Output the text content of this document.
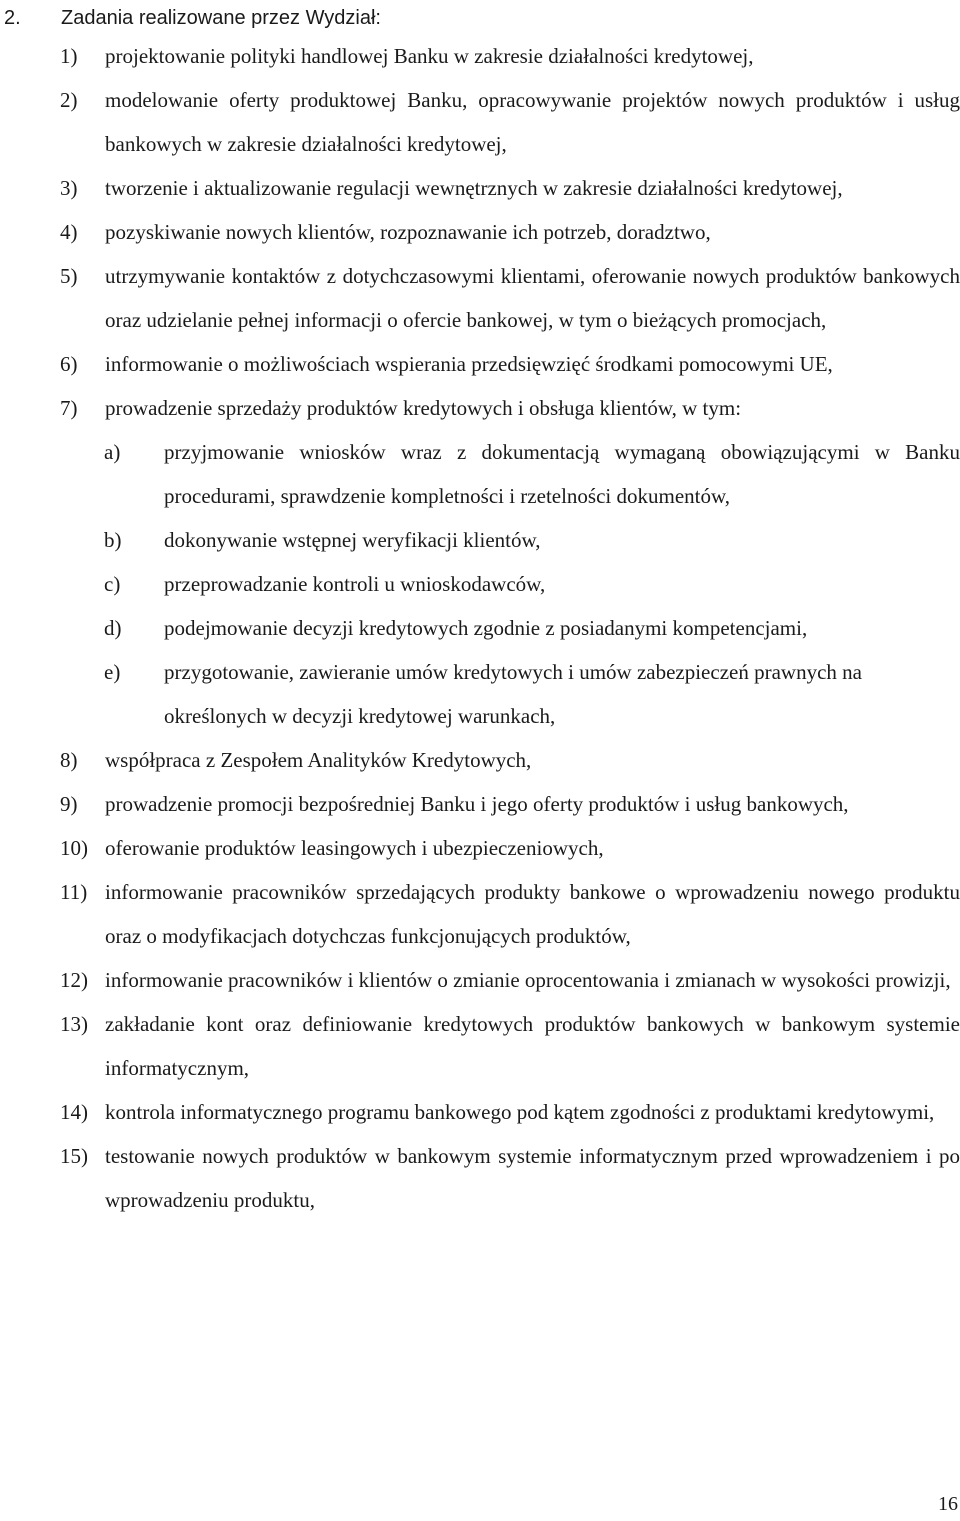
2. Zadania realizowane przez Wydział:
1) projektowanie polityki handlowej Banku w zakresie działalności kredytowej,
2) modelowanie oferty produktowej Banku, opracowywanie projektów nowych produktów i usług bankowych w zakresie działalności kredytowej,
3) tworzenie i aktualizowanie regulacji wewnętrznych w zakresie działalności kredytowej,
4) pozyskiwanie nowych klientów, rozpoznawanie ich potrzeb, doradztwo,
5) utrzymywanie kontaktów z dotychczasowymi klientami, oferowanie nowych produktów bankowych oraz udzielanie pełnej informacji o ofercie bankowej, w tym o bieżących promocjach,
6) informowanie o możliwościach wspierania przedsięwzięć środkami pomocowymi UE,
7) prowadzenie sprzedaży produktów kredytowych i obsługa klientów, w tym:
a) przyjmowanie wniosków wraz z dokumentacją wymaganą obowiązującymi w Banku procedurami, sprawdzenie kompletności i rzetelności dokumentów,
b) dokonywanie wstępnej weryfikacji klientów,
c) przeprowadzanie kontroli u wnioskodawców,
d) podejmowanie decyzji kredytowych zgodnie z posiadanymi kompetencjami,
e) przygotowanie, zawieranie umów kredytowych i umów zabezpieczeń prawnych na określonych w decyzji kredytowej warunkach,
8) współpraca z Zespołem Analityków Kredytowych,
9) prowadzenie promocji bezpośredniej Banku i jego oferty produktów i usług bankowych,
10) oferowanie produktów leasingowych i ubezpieczeniowych,
11) informowanie pracowników sprzedających produkty bankowe o wprowadzeniu nowego produktu oraz o modyfikacjach dotychczas funkcjonujących produktów,
12) informowanie pracowników i klientów o zmianie oprocentowania i zmianach w wysokości prowizji,
13) zakładanie kont oraz definiowanie kredytowych produktów bankowych w bankowym systemie informatycznym,
14) kontrola informatycznego programu bankowego pod kątem zgodności z produktami kredytowymi,
15) testowanie nowych produktów w bankowym systemie informatycznym przed wprowadzeniem i po wprowadzeniu produktu,
16
